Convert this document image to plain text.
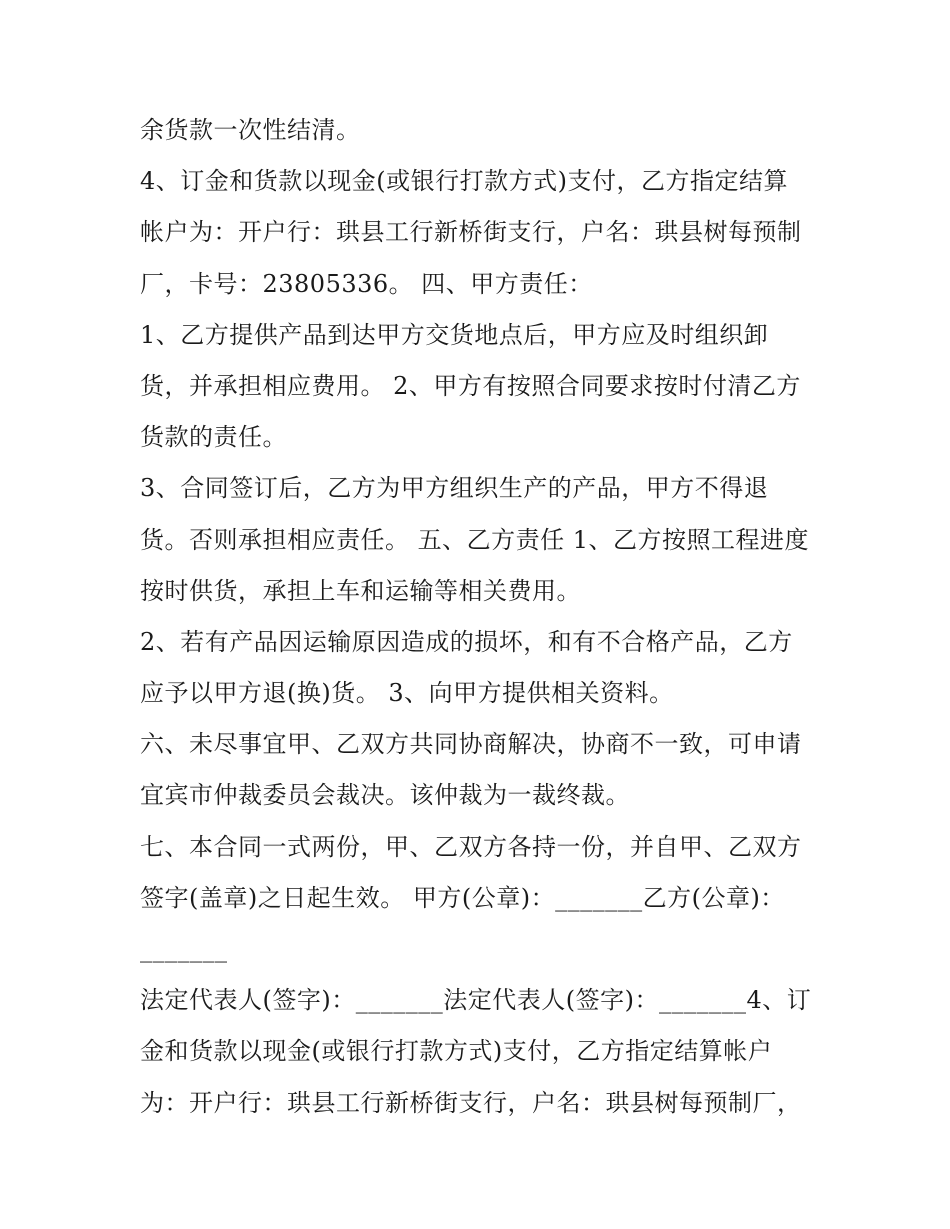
余货款一次性结清。
4、订金和货款以现金(或银行打款方式)支付，乙方指定结算
帐户为：开户行：珙县工行新桥街支行，户名：珙县树每预制
厂，卡号：23805336。 四、甲方责任：
1、乙方提供产品到达甲方交货地点后，甲方应及时组织卸
货，并承担相应费用。 2、甲方有按照合同要求按时付清乙方
货款的责任。
3、合同签订后，乙方为甲方组织生产的产品，甲方不得退
货。否则承担相应责任。 五、乙方责任 1、乙方按照工程进度
按时供货，承担上车和运输等相关费用。
2、若有产品因运输原因造成的损坏，和有不合格产品，乙方
应予以甲方退(换)货。 3、向甲方提供相关资料。
六、未尽事宜甲、乙双方共同协商解决，协商不一致，可申请
宜宾市仲裁委员会裁决。该仲裁为一裁终裁。
七、本合同一式两份，甲、乙双方各持一份，并自甲、乙双方
签字(盖章)之日起生效。 甲方(公章)：_______乙方(公章)：
_______
法定代表人(签字)：_______法定代表人(签字)：_______4、订
金和货款以现金(或银行打款方式)支付，乙方指定结算帐户
为：开户行：珙县工行新桥街支行，户名：珙县树每预制厂，
